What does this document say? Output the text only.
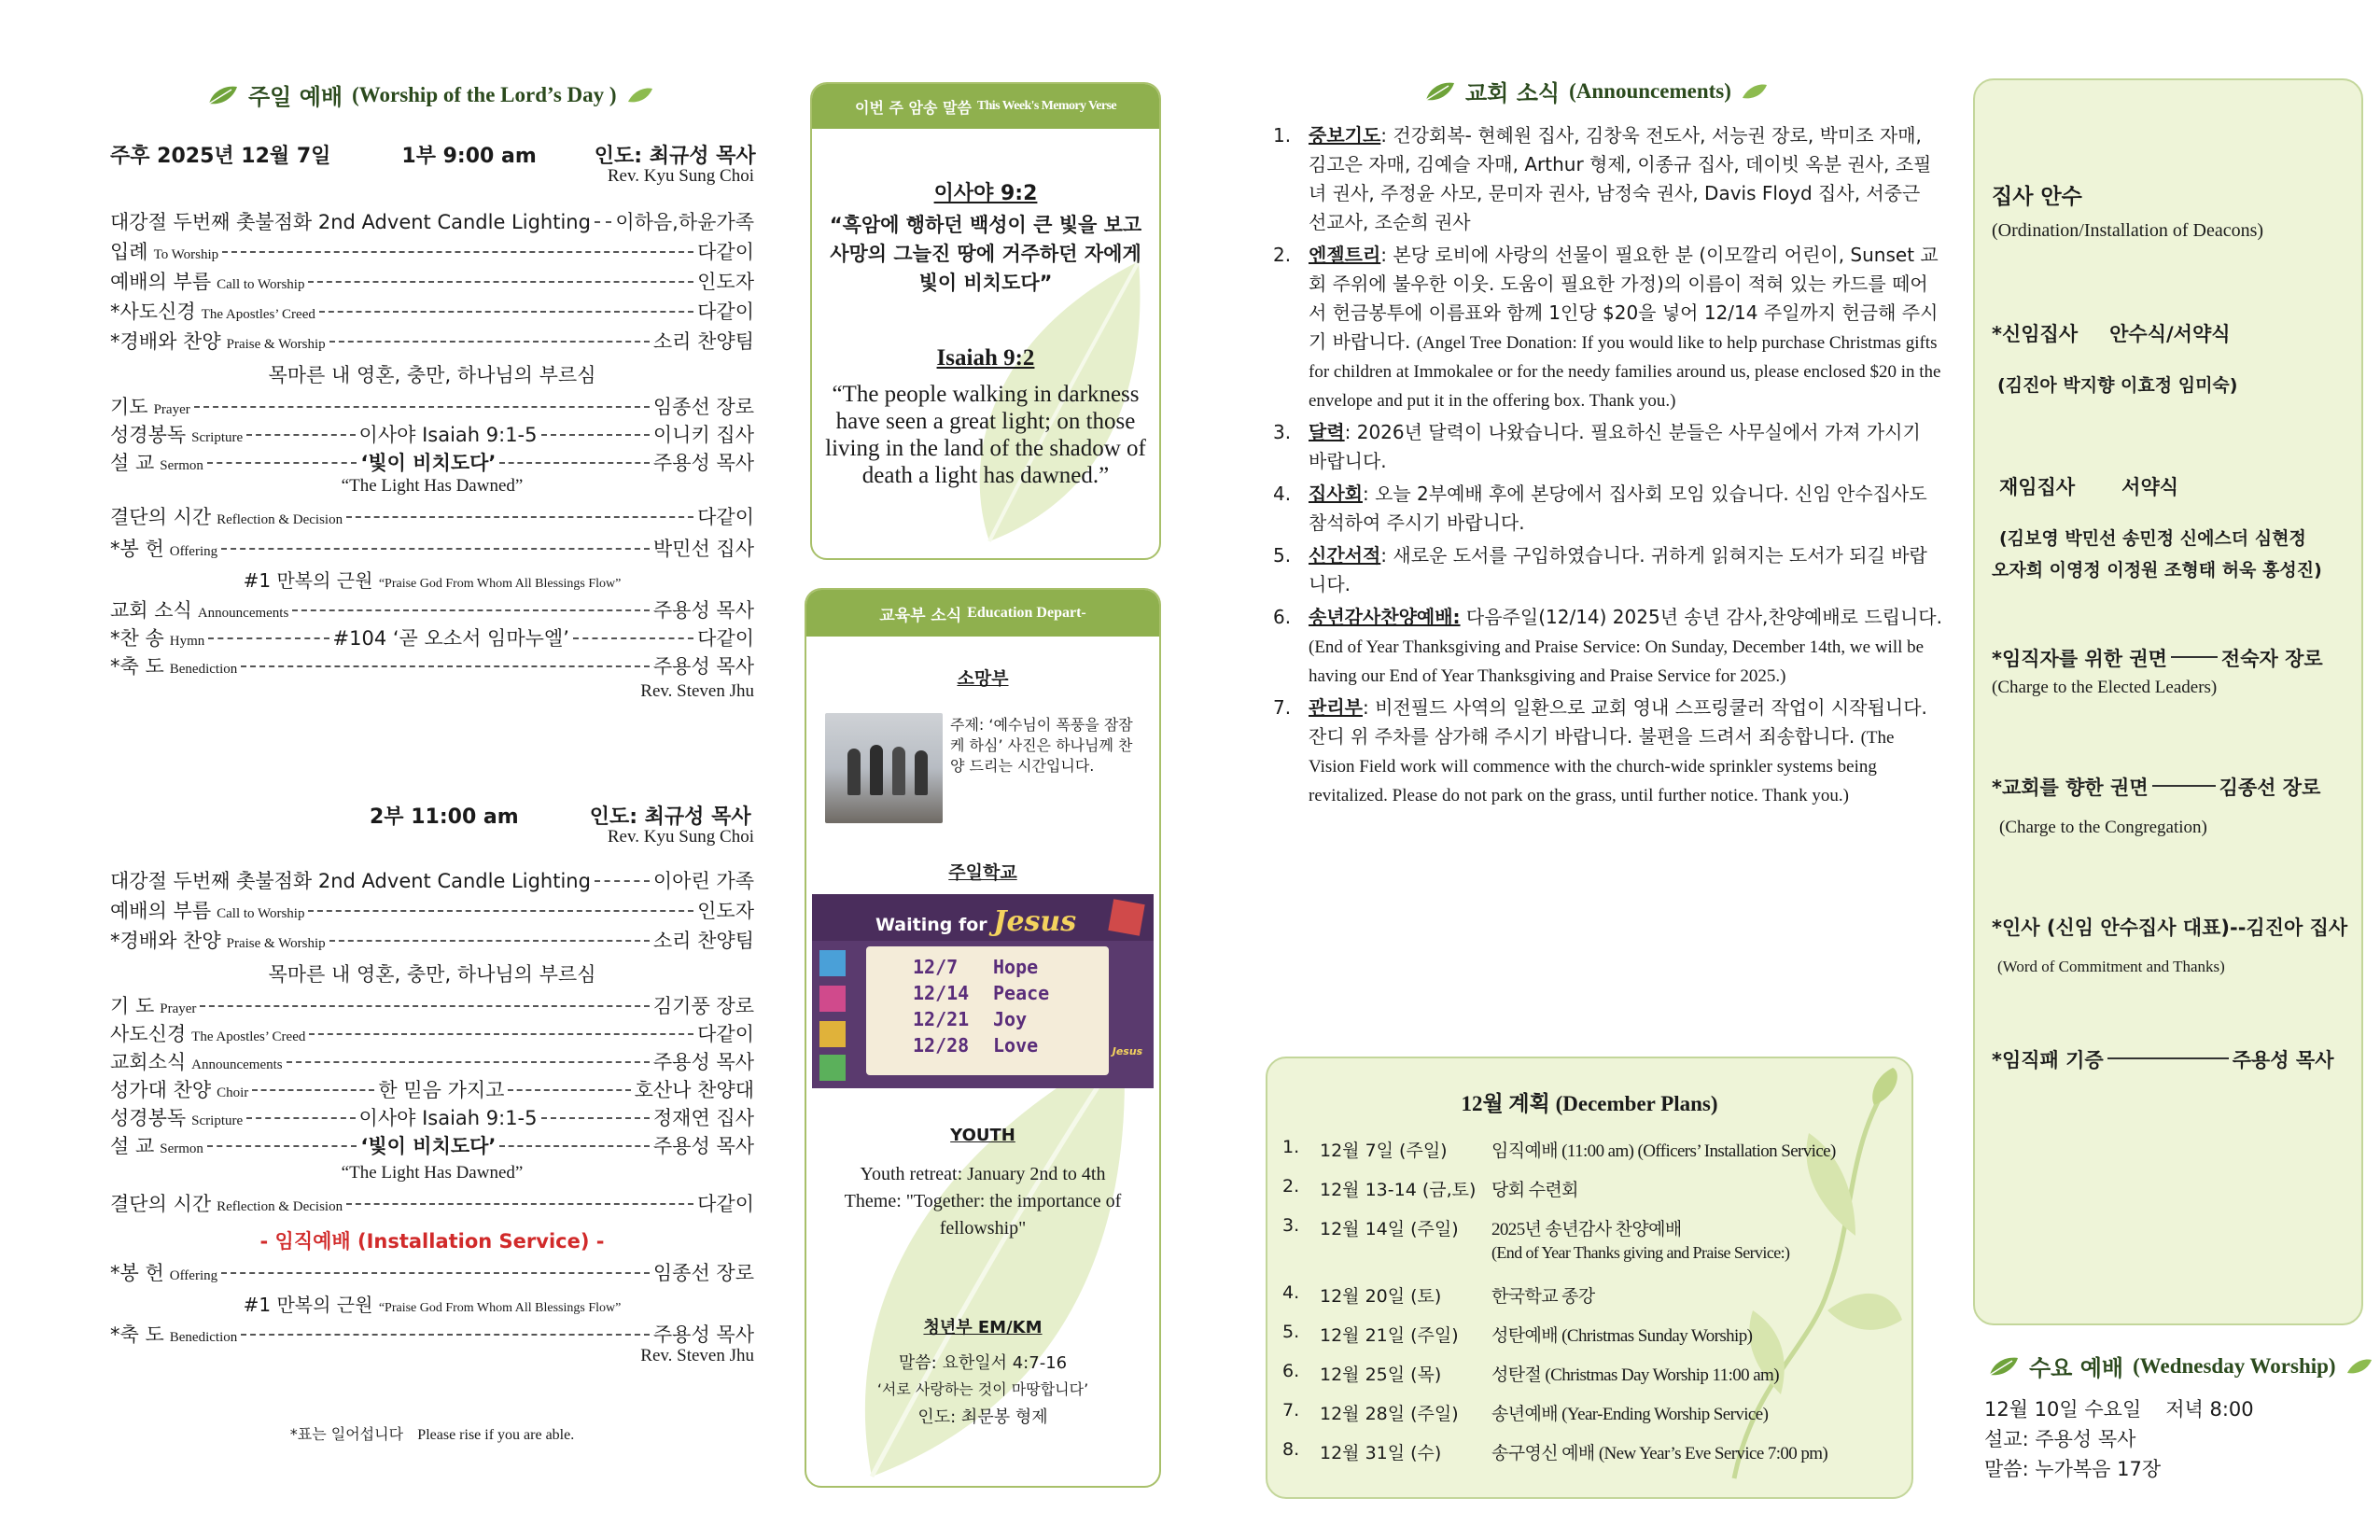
주일 예배 (Worship of the Lord’s Day )
주후 2025년 12월 7일	1부 9:00 am	인도: 최규성 목사
Rev. Kyu Sung Choi
대강절 두번째 촛불점화 2nd Advent Candle Lighting 이하음,하윤가족
입례 To Worship	다같이
예배의 부름 Call to Worship	인도자
*사도신경 The Apostles’ Creed	다같이
*경배와 찬양 Praise & Worship	소리 찬양팀
목마른 내 영혼, 충만, 하나님의 부르심
기도 Prayer	임종선 장로
성경봉독 Scripture	이사야 Isaiah 9:1-5	이니키 집사
설 교 Sermon	‘빛이 비치도다’	주용성 목사
“The Light Has Dawned”
결단의 시간 Reflection & Decision	다같이
*봉 헌 Offering	박민선 집사
#1 만복의 근원 “Praise God From Whom All Blessings Flow”
교회 소식 Announcements	주용성 목사
*찬 송 Hymn	#104 ‘곧 오소서 임마누엘’	다같이
*축 도 Benediction	주용성 목사
Rev. Steven Jhu
2부 11:00 am	인도: 최규성 목사
Rev. Kyu Sung Choi
대강절 두번째 촛불점화 2nd Advent Candle Lighting	이아린 가족
예배의 부름 Call to Worship	인도자
*경배와 찬양 Praise & Worship	소리 찬양팀
목마른 내 영혼, 충만, 하나님의 부르심
기 도 Prayer	김기풍 장로
사도신경 The Apostles’ Creed	다같이
교회소식 Announcements	주용성 목사
성가대 찬양 Choir	한 믿음 가지고	호산나 찬양대
성경봉독 Scripture	이사야 Isaiah 9:1-5	정재연 집사
설 교 Sermon	‘빛이 비치도다’	주용성 목사
“The Light Has Dawned”
결단의 시간 Reflection & Decision	다같이
- 임직예배 (Installation Service) -
*봉 헌 Offering	임종선 장로
#1 만복의 근원 “Praise God From Whom All Blessings Flow”
*축 도 Benediction	주용성 목사
Rev. Steven Jhu
*표는 일어섭니다 Please rise if you are able.
이번 주 암송 말씀
This Week's Memory Verse
이사야 9:2
“흑암에 행하던 백성이 큰 빛을 보고 사망의 그늘진 땅에 거주하던 자에게 빛이 비치도다”
Isaiah 9:2
“The people walking in darkness have seen a great light; on those living in the land of the shadow of death a light has dawned.”
교육부 소식
Education Depart-
소망부
주제: ‘예수님이 폭풍을 잠잠케 하심’ 사진은 하나님께 찬양 드리는 시간입니다.
주일학교
Waiting for Jesus
Jesus
12/7 Hope
12/14 Peace
12/21 Joy
12/28 Love
YOUTH
Youth retreat: January 2nd to 4th Theme: "Together: the importance of fellowship"
청년부 EM/KM
말씀: 요한일서 4:7-16
‘서로 사랑하는 것이 마땅합니다’
인도: 최문봉 형제
교회 소식 (Announcements)
1. 중보기도: 건강회복- 현혜원 집사, 김창욱 전도사, 서능권 장로, 박미조 자매, 김고은 자매, 김예슬 자매, Arthur 형제, 이종규 집사, 데이빗 옥분 권사, 조필녀 권사, 주정윤 사모, 문미자 권사, 남정숙 권사, Davis Floyd 집사, 서중근 선교사, 조순희 권사
2. 엔젤트리: 본당 로비에 사랑의 선물이 필요한 분 (이모깔리 어린이, Sunset 교회 주위에 불우한 이웃. 도움이 필요한 가정)의 이름이 적혀 있는 카드를 떼어서 헌금봉투에 이름표와 함께 1인당 $20을 넣어 12/14 주일까지 헌금해 주시기 바랍니다. (Angel Tree Donation: If you would like to help purchase Christmas gifts for children at Immokalee or for the needy families around us, please enclosed $20 in the envelope and put it in the offering box. Thank you.)
3. 달력: 2026년 달력이 나왔습니다. 필요하신 분들은 사무실에서 가져 가시기 바랍니다.
4. 집사회: 오늘 2부예배 후에 본당에서 집사회 모임 있습니다. 신임 안수집사도 참석하여 주시기 바랍니다.
5. 신간서적: 새로운 도서를 구입하였습니다. 귀하게 읽혀지는 도서가 되길 바랍니다.
6. 송년감사찬양예배: 다음주일(12/14) 2025년 송년 감사,찬양예배로 드립니다. (End of Year Thanksgiving and Praise Service: On Sunday, December 14th, we will be having our End of Year Thanksgiving and Praise Service for 2025.)
7. 관리부: 비전필드 사역의 일환으로 교회 영내 스프링쿨러 작업이 시작됩니다. 잔디 위 주차를 삼가해 주시기 바랍니다. 불편을 드려서 죄송합니다. (The Vision Field work will commence with the church-wide sprinkler systems being revitalized. Please do not park on the grass, until further notice. Thank you.)
12월 계획 (December Plans)
1.	12월 7일 (주일)	임직예배 (11:00 am) (Officers’ Installation Service)
2.	12월 13-14 (금,토) 당회 수련회
3.	12월 14일 (주일)	2025년 송년감사 찬양예배
(End of Year Thanks giving and Praise Service:)
4.	12월 20일 (토)	한국학교 종강
5.	12월 21일 (주일)	성탄예배 (Christmas Sunday Worship)
6.	12월 25일 (목)	성탄절 (Christmas Day Worship 11:00 am)
7.	12월 28일 (주일)	송년예배 (Year-Ending Worship Service)
8.	12월 31일 (수)	송구영신 예배 (New Year’s Eve Service 7:00 pm)
집사 안수
(Ordination/Installation of Deacons)
*신임집사 안수식/서약식
(김진아 박지향 이효정 임미숙)
재임집사 서약식
(김보영 박민선 송민정 신에스더 심현정
오자희 이영정 이정원 조형태 허욱 홍성진)
*임직자를 위한 권면	전숙자 장로
(Charge to the Elected Leaders)
*교회를 향한 권면	김종선 장로
(Charge to the Congregation)
*인사 (신임 안수집사 대표)--김진아 집사
(Word of Commitment and Thanks)
*임직패 기증	주용성 목사
수요 예배 (Wednesday Worship)
12월 10일 수요일 저녁 8:00
설교: 주용성 목사
말씀: 누가복음 17장
